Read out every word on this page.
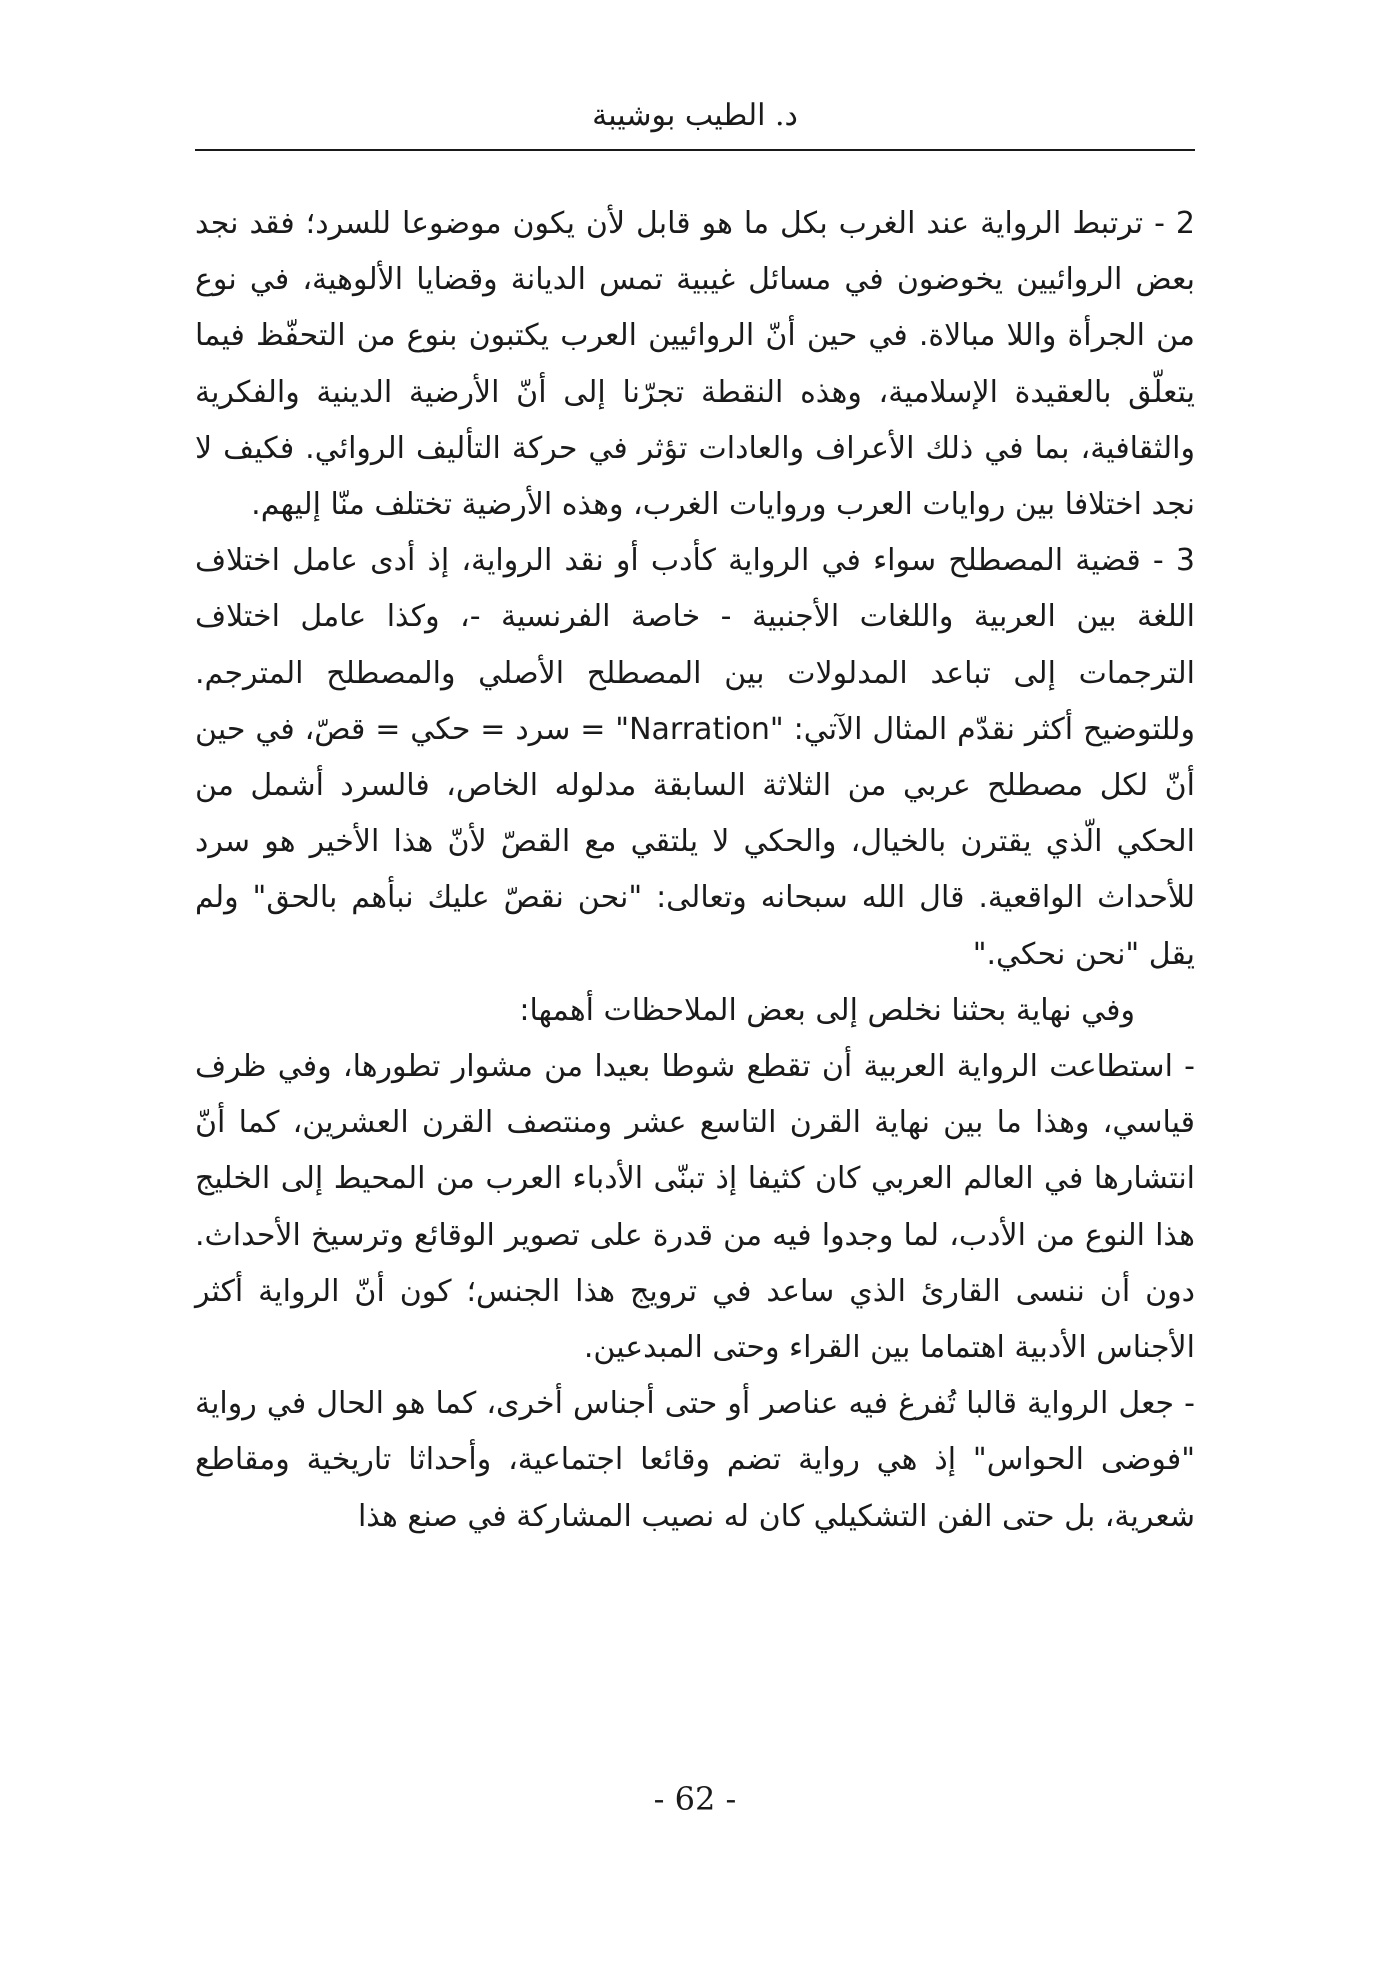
د. الطيب بوشيبة

2 - ترتبط الرواية عند الغرب بكل ما هو قابل لأن يكون موضوعا للسرد؛ فقد نجد بعض الروائيين يخوضون في مسائل غيبية تمس الديانة وقضايا الألوهية، في نوع من الجرأة واللا مبالاة. في حين أنّ الروائيين العرب يكتبون بنوع من التحفّظ فيما يتعلّق بالعقيدة الإسلامية، وهذه النقطة تجرّنا إلى أنّ الأرضية الدينية والفكرية والثقافية، بما في ذلك الأعراف والعادات تؤثر في حركة التأليف الروائي. فكيف لا نجد اختلافا بين روايات العرب وروايات الغرب، وهذه الأرضية تختلف منّا إليهم.

3 - قضية المصطلح سواء في الرواية كأدب أو نقد الرواية، إذ أدى عامل اختلاف اللغة بين العربية واللغات الأجنبية - خاصة الفرنسية -، وكذا عامل اختلاف الترجمات إلى تباعد المدلولات بين المصطلح الأصلي والمصطلح المترجم. وللتوضيح أكثر نقدّم المثال الآتي: "Narration" = سرد = حكي = قصّ، في حين أنّ لكل مصطلح عربي من الثلاثة السابقة مدلوله الخاص، فالسرد أشمل من الحكي الّذي يقترن بالخيال، والحكي لا يلتقي مع القصّ لأنّ هذا الأخير هو سرد للأحداث الواقعية. قال الله سبحانه وتعالى: "نحن نقصّ عليك نبأهم بالحق" ولم يقل "نحن نحكي."

وفي نهاية بحثنا نخلص إلى بعض الملاحظات أهمها:

- استطاعت الرواية العربية أن تقطع شوطا بعيدا من مشوار تطورها، وفي ظرف قياسي، وهذا ما بين نهاية القرن التاسع عشر ومنتصف القرن العشرين، كما أنّ انتشارها في العالم العربي كان كثيفا إذ تبنّى الأدباء العرب من المحيط إلى الخليج هذا النوع من الأدب، لما وجدوا فيه من قدرة على تصوير الوقائع وترسيخ الأحداث. دون أن ننسى القارئ الذي ساعد في ترويج هذا الجنس؛ كون أنّ الرواية أكثر الأجناس الأدبية اهتماما بين القراء وحتى المبدعين.

- جعل الرواية قالبا تُفرغ فيه عناصر أو حتى أجناس أخرى، كما هو الحال في رواية "فوضى الحواس" إذ هي رواية تضم وقائعا اجتماعية، وأحداثا تاريخية ومقاطع شعرية، بل حتى الفن التشكيلي كان له نصيب المشاركة في صنع هذا

- 62 -
